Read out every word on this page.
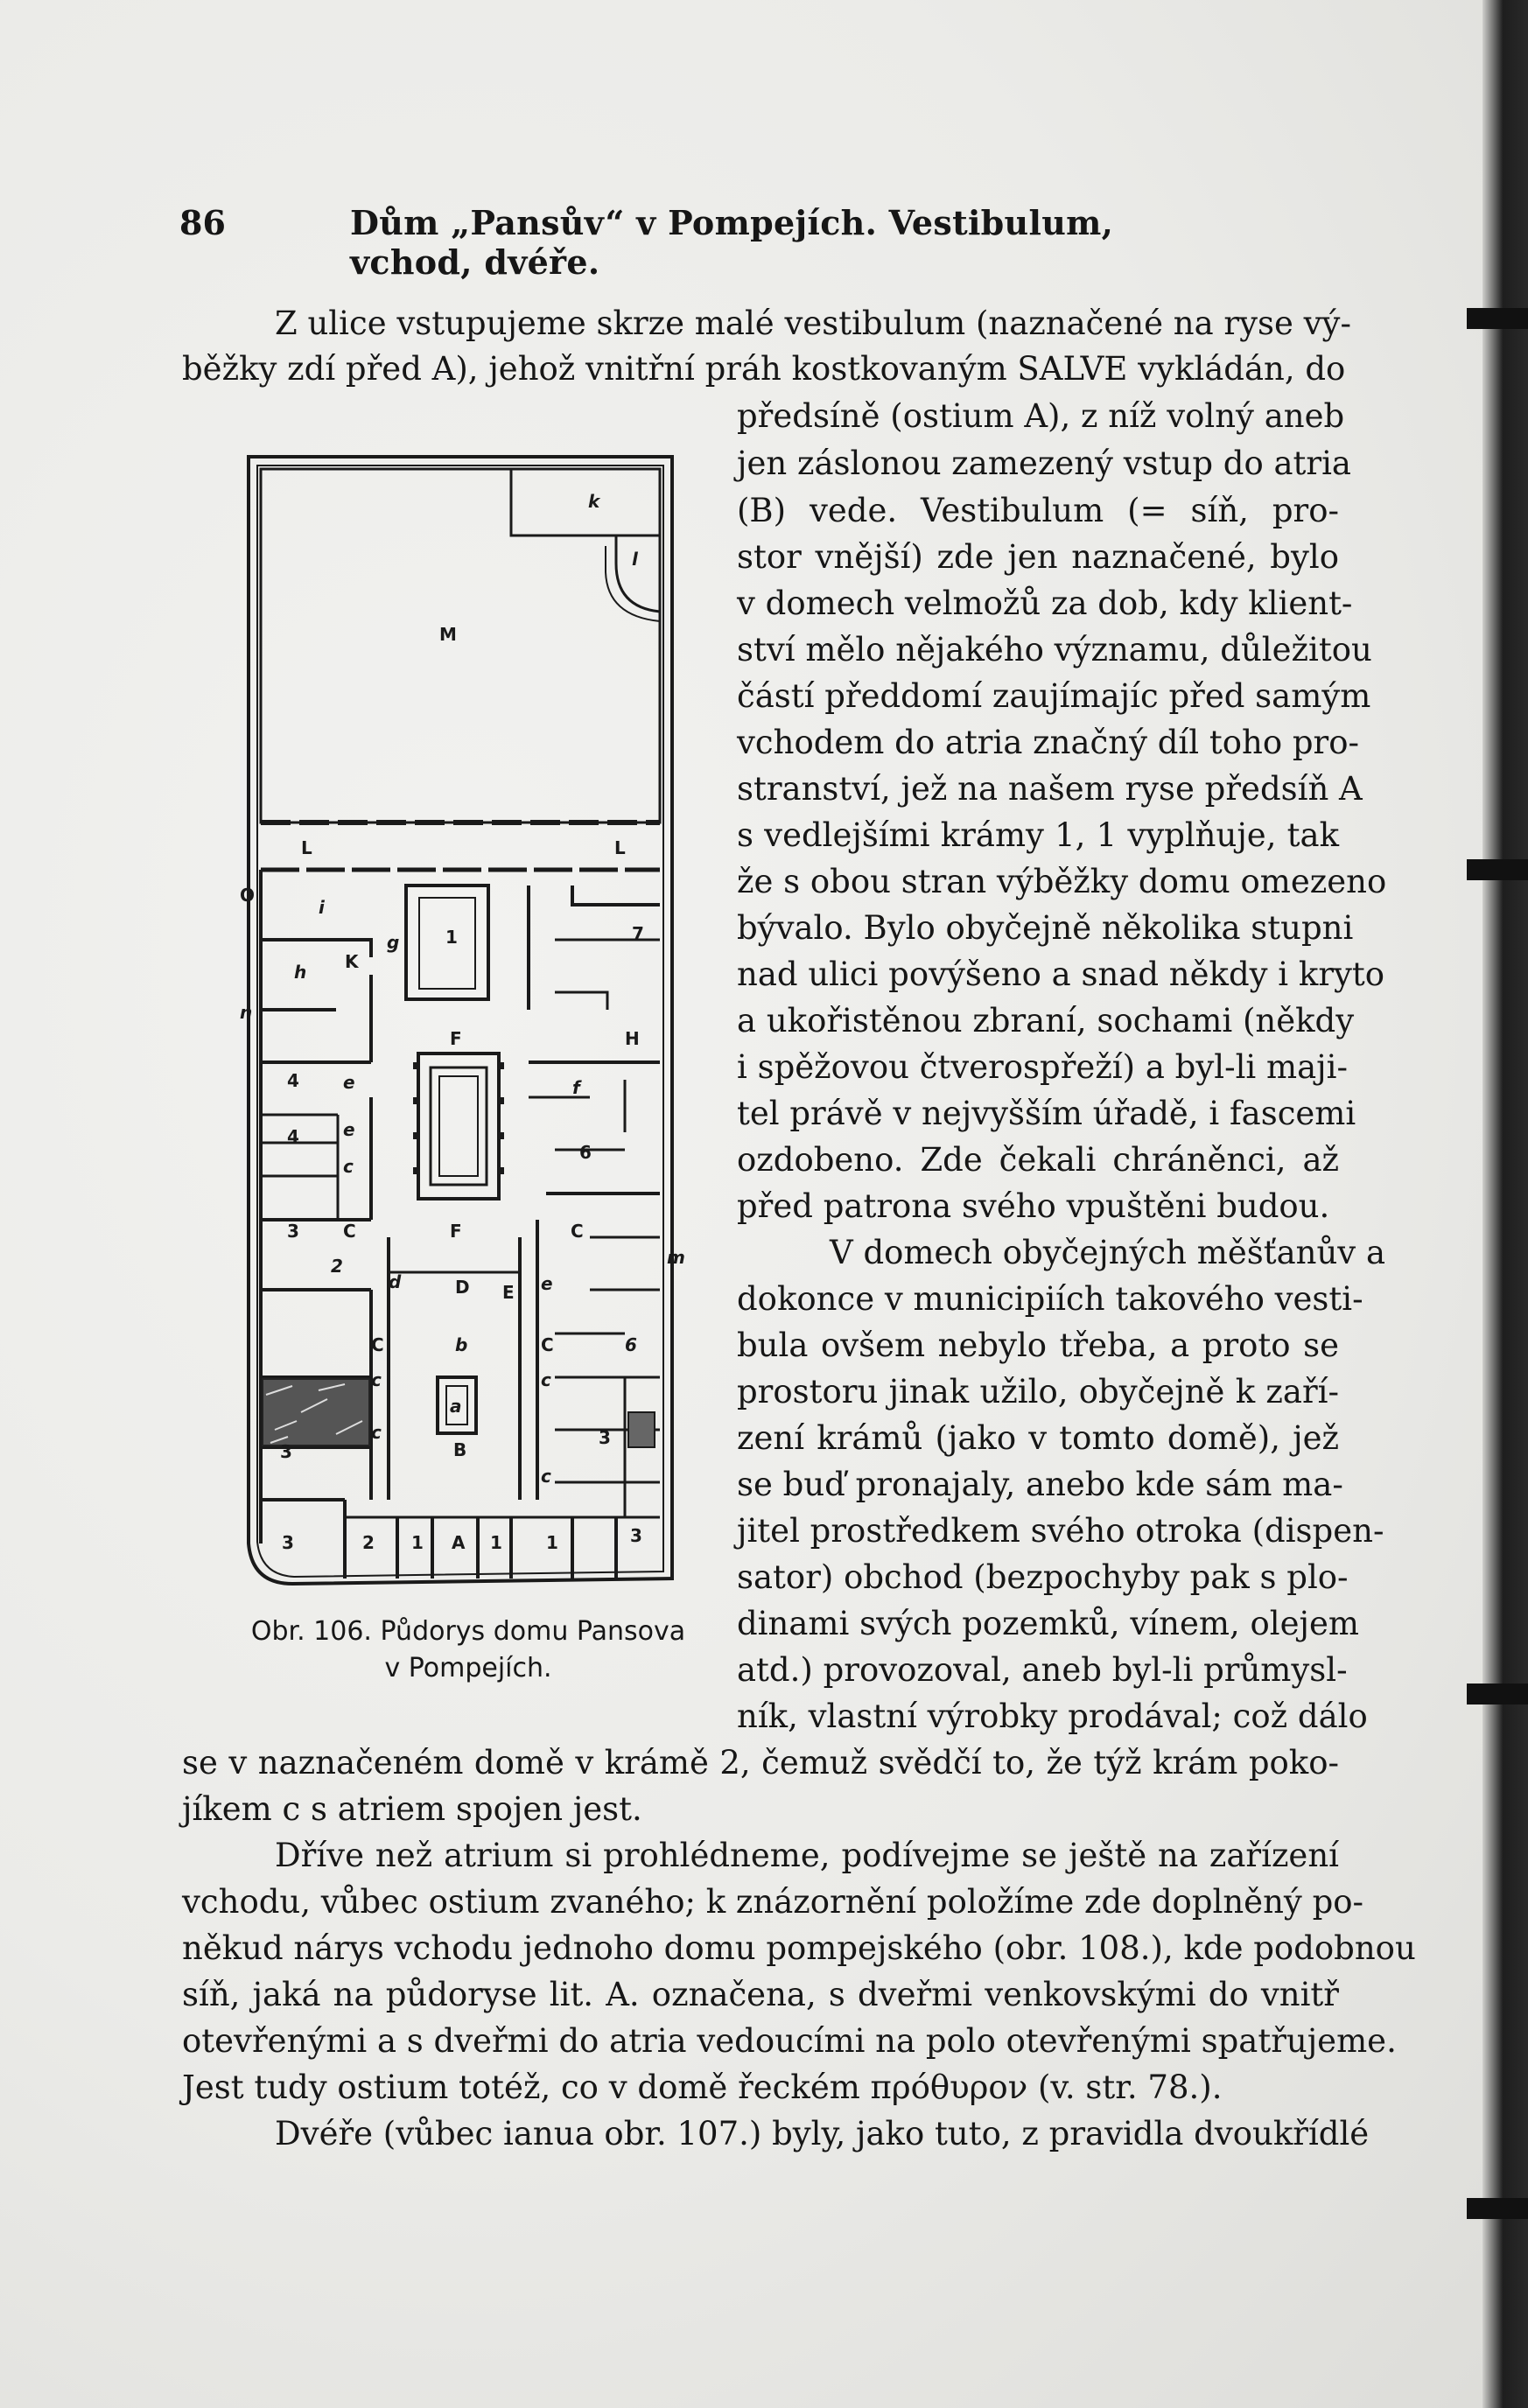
86	Dům „Pansův“ v Pompejích. Vestibulum, vchod, dvéře.
Z ulice vstupujeme skrze malé vestibulum (naznačené na ryse vý-
běžky zdí před A), jehož vnitřní práh kostkovaným SALVE vykládán, do
předsíně (ostium A), z níž volný aneb
jen záslonou zamezený vstup do atria
(B) vede. Vestibulum (= síň, pro-
stor vnější) zde jen naznačené, bylo
v domech velmožů za dob, kdy klient-
ství mělo nějakého významu, důležitou
částí předdomí zaujímajíc před samým
vchodem do atria značný díl toho pro-
stranství, jež na našem ryse předsíň A
s vedlejšími krámy 1, 1 vyplňuje, tak
že s obou stran výběžky domu omezeno
bývalo. Bylo obyčejně několika stupni
nad ulici povýšeno a snad někdy i kryto
a ukořistěnou zbraní, sochami (někdy
i spěžovou čtverospřeží) a byl-li maji-
tel právě v nejvyšším úřadě, i fascemi
ozdobeno. Zde čekali chráněnci, až
před patrona svého vpuštěni budou.
V domech obyčejných měšťanův a
dokonce v municipiích takového vesti-
bula ovšem nebylo třeba, a proto se
prostoru jinak užilo, obyčejně k zaří-
zení krámů (jako v tomto domě), jež
se buď pronajaly, anebo kde sám ma-
jitel prostředkem svého otroka (dispen-
sator) obchod (bezpochyby pak s plo-
dinami svých pozemků, vínem, olejem
atd.) provozoval, aneb byl-li průmysl-
ník, vlastní výrobky prodával; což dálo
se v naznačeném domě v krámě 2, čemuž svědčí to, že týž krám poko-
jíkem c s atriem spojen jest.
Dříve než atrium si prohlédneme, podívejme se ještě na zařízení
vchodu, vůbec ostium zvaného; k znázornění položíme zde doplněný po-
někud nárys vchodu jednoho domu pompejského (obr. 108.), kde podobnou
síň, jaká na půdoryse lit. A. označena, s dveřmi venkovskými do vnitř
otevřenými a s dveřmi do atria vedoucími na polo otevřenými spatřujeme.
Jest tudy ostium totéž, co v domě řeckém πρόθυρον (v. str. 78.).
Dvéře (vůbec ianua obr. 107.) byly, jako tuto, z pravidla dvoukřídlé
M
k
l
L	L
i
g
K
h
1	7
F	H
f
6
4
4
e
e
c
3	C	F	C
2
d	D E e
C	b
a
C
c
c
c
c
B
3
3
3	3
6
2 1 A 1	1
O
n
m
Obr. 106. Půdorys domu Pansova
v Pompejích.
